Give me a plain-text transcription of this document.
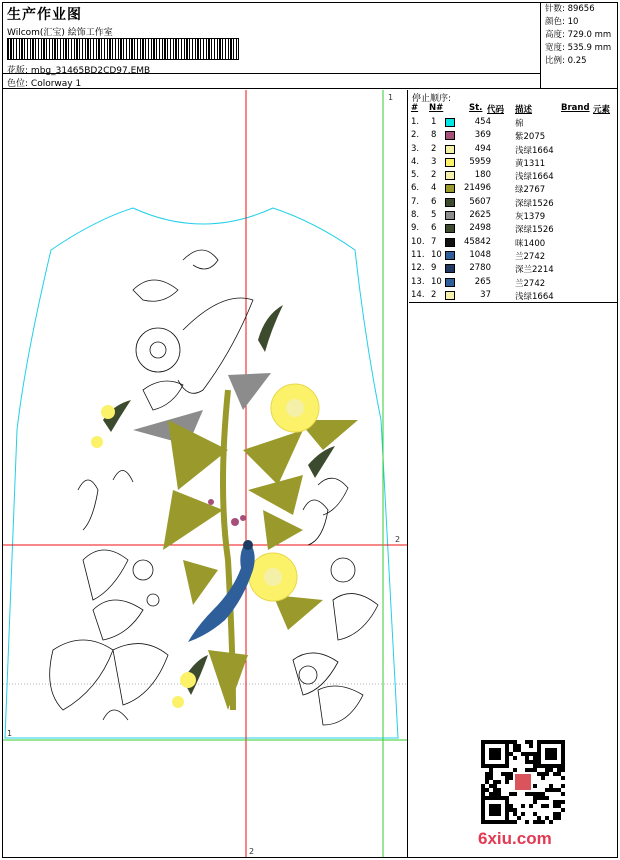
生产作业图
Wilcom(汇宝) 絵饰工作室
花版: mbg_31465BD2CD97.EMB
色位: Colorway 1
针数: 89656
颜色: 10
高度: 729.0 mm
宽度: 535.9 mm
比例: 0.25
1
1
2
2
停止顺序:
# N#	St. 代码 描述	Brand 元素
1. 1	454	棉
2. 8	369	紫2075
3. 2	494	浅绿1664
4. 3	5959	黄1311
5. 2	180	浅绿1664
6. 4	21496	绿2767
7. 6	5607	深绿1526
8. 5	2625	灰1379
9. 6	2498	深绿1526
10. 7	45842	咪1400
11. 10	1048	兰2742
12. 9	2780	深兰2214
13. 10	265	兰2742
14. 2	37	浅绿1664
6xiu.com
